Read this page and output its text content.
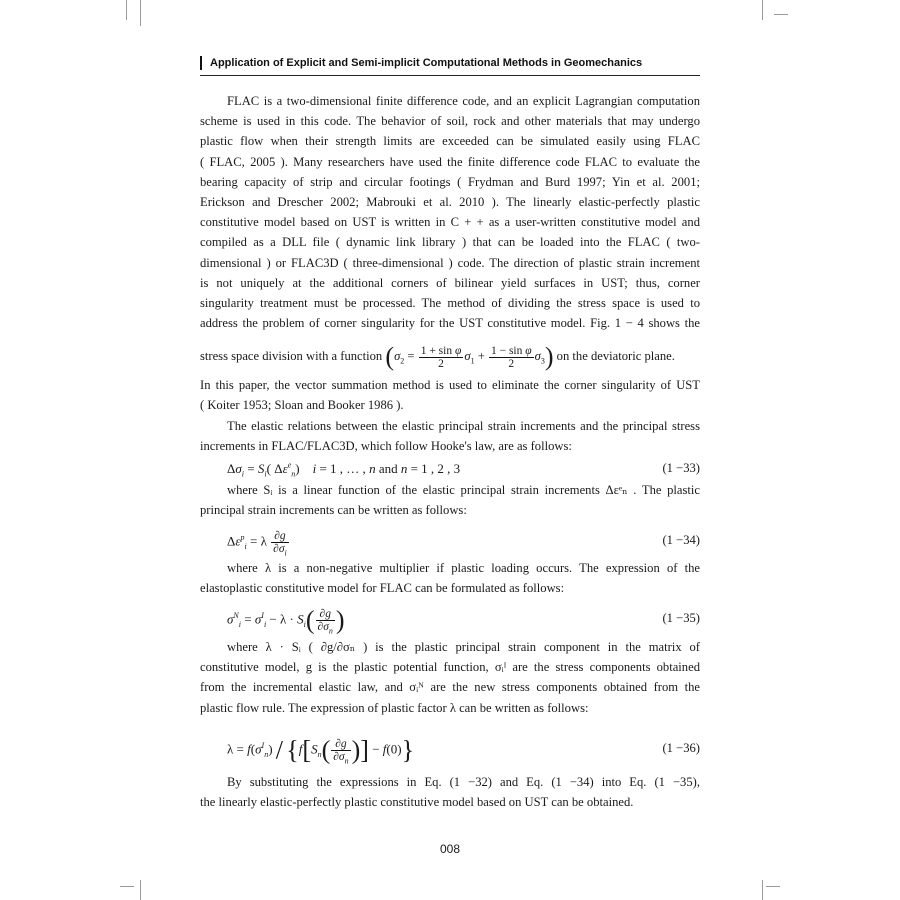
Application of Explicit and Semi-implicit Computational Methods in Geomechanics
FLAC is a two-dimensional finite difference code, and an explicit Lagrangian computation
scheme is used in this code. The behavior of soil, rock and other materials that may undergo
plastic flow when their strength limits are exceeded can be simulated easily using FLAC
( FLAC, 2005 ). Many researchers have used the finite difference code FLAC to evaluate the
bearing capacity of strip and circular footings ( Frydman and Burd 1997; Yin et al. 2001;
Erickson and Drescher 2002; Mabrouki et al. 2010 ). The linearly elastic-perfectly plastic
constitutive model based on UST is written in C + + as a user-written constitutive model and
compiled as a DLL file ( dynamic link library ) that can be loaded into the FLAC ( two-
dimensional ) or FLAC3D ( three-dimensional ) code. The direction of plastic strain increment
is not uniquely at the additional corners of bilinear yield surfaces in UST; thus, corner
singularity treatment must be processed. The method of dividing the stress space is used to
address the problem of corner singularity for the UST constitutive model. Fig. 1 − 4 shows the
stress space division with a function $(\sigma_2 = \frac{\text{1 + sin φ}}{2} \sigma_1 + \frac{\text{1 − sin φ}}{2} \sigma_3)$ on the deviatoric plane.
In this paper, the vector summation method is used to eliminate the corner singularity of UST
( Koiter 1953; Sloan and Booker 1986 ).
The elastic relations between the elastic principal strain increments and the principal stress
increments in FLAC/FLAC3D, which follow Hooke's law, are as follows:
$\Delta\sigma_i = S_i$( $\Delta\varepsilon^e_n$)    i = 1 , … , n and n = 1 , 2 , 3	(1 −33)
where Sᵢ is a linear function of the elastic principal strain increments Δεᵉₙ . The plastic
principal strain increments can be written as follows:
$\Delta\varepsilon^p_i = \lambda \frac{\partial g}{\partial\sigma_i}$	(1 −34)
where λ is a non-negative multiplier if plastic loading occurs. The expression of the
elastoplastic constitutive model for FLAC can be formulated as follows:
$\sigma^N_i = \sigma^I_i - \lambda \cdot S_i( \frac{\partial g}{\partial\sigma_n}$ )	(1 −35)
where λ · Sᵢ ( ∂g/∂σₙ ) is the plastic principal strain component in the matrix of
constitutive model, g is the plastic potential function, σᵢᴵ are the stress components obtained
from the incremental elastic law, and σᵢᴺ are the new stress components obtained from the
plastic flow rule. The expression of plastic factor λ can be written as follows:
$\lambda = f(\sigma^I_n) / \{f[S_n( \frac{\partial g}{\partial\sigma_n}$ )] − f(0)}	(1 −36)
By substituting the expressions in Eq. (1 −32) and Eq. (1 −34) into Eq. (1 −35),
the linearly elastic-perfectly plastic constitutive model based on UST can be obtained.
008
